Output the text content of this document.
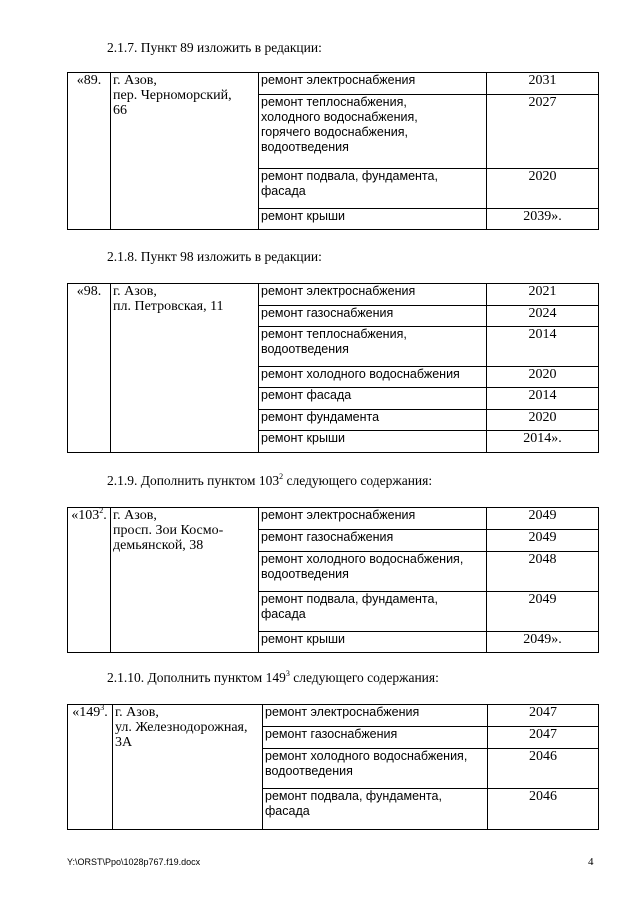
2.1.7. Пункт 89 изложить в редакции:
«89.	г. Азов,
пер. Черноморский,
66	ремонт электроснабжения	2031
		ремонт теплоснабжения,
холодного водоснабжения,
горячего водоснабжения,
водоотведения	2027
		ремонт подвала, фундамента,
фасада	2020
		ремонт крыши	2039».
2.1.8. Пункт 98 изложить в редакции:
«98.	г. Азов,
пл. Петровская, 11	ремонт электроснабжения	2021
		ремонт газоснабжения	2024
		ремонт теплоснабжения,
водоотведения	2014
		ремонт холодного водоснабжения	2020
		ремонт фасада	2014
		ремонт фундамента	2020
		ремонт крыши	2014».
2.1.9. Дополнить пунктом $103^2$ следующего содержания:
«$103^2$.	г. Азов,
просп. Зои Космо-
демьянской, 38	ремонт электроснабжения	2049
		ремонт газоснабжения	2049
		ремонт холодного водоснабжения,
водоотведения	2048
		ремонт подвала, фундамента,
фасада	2049
		ремонт крыши	2049».
2.1.10. Дополнить пунктом $149^3$ следующего содержания:
«$149^3$.	г. Азов,
ул. Железнодорожная,
3А	ремонт электроснабжения	2047
		ремонт газоснабжения	2047
		ремонт холодного водоснабжения,
водоотведения	2046
		ремонт подвала, фундамента,
фасада	2046
Y:\ORST\Ppo\1028p767.f19.docx	4
